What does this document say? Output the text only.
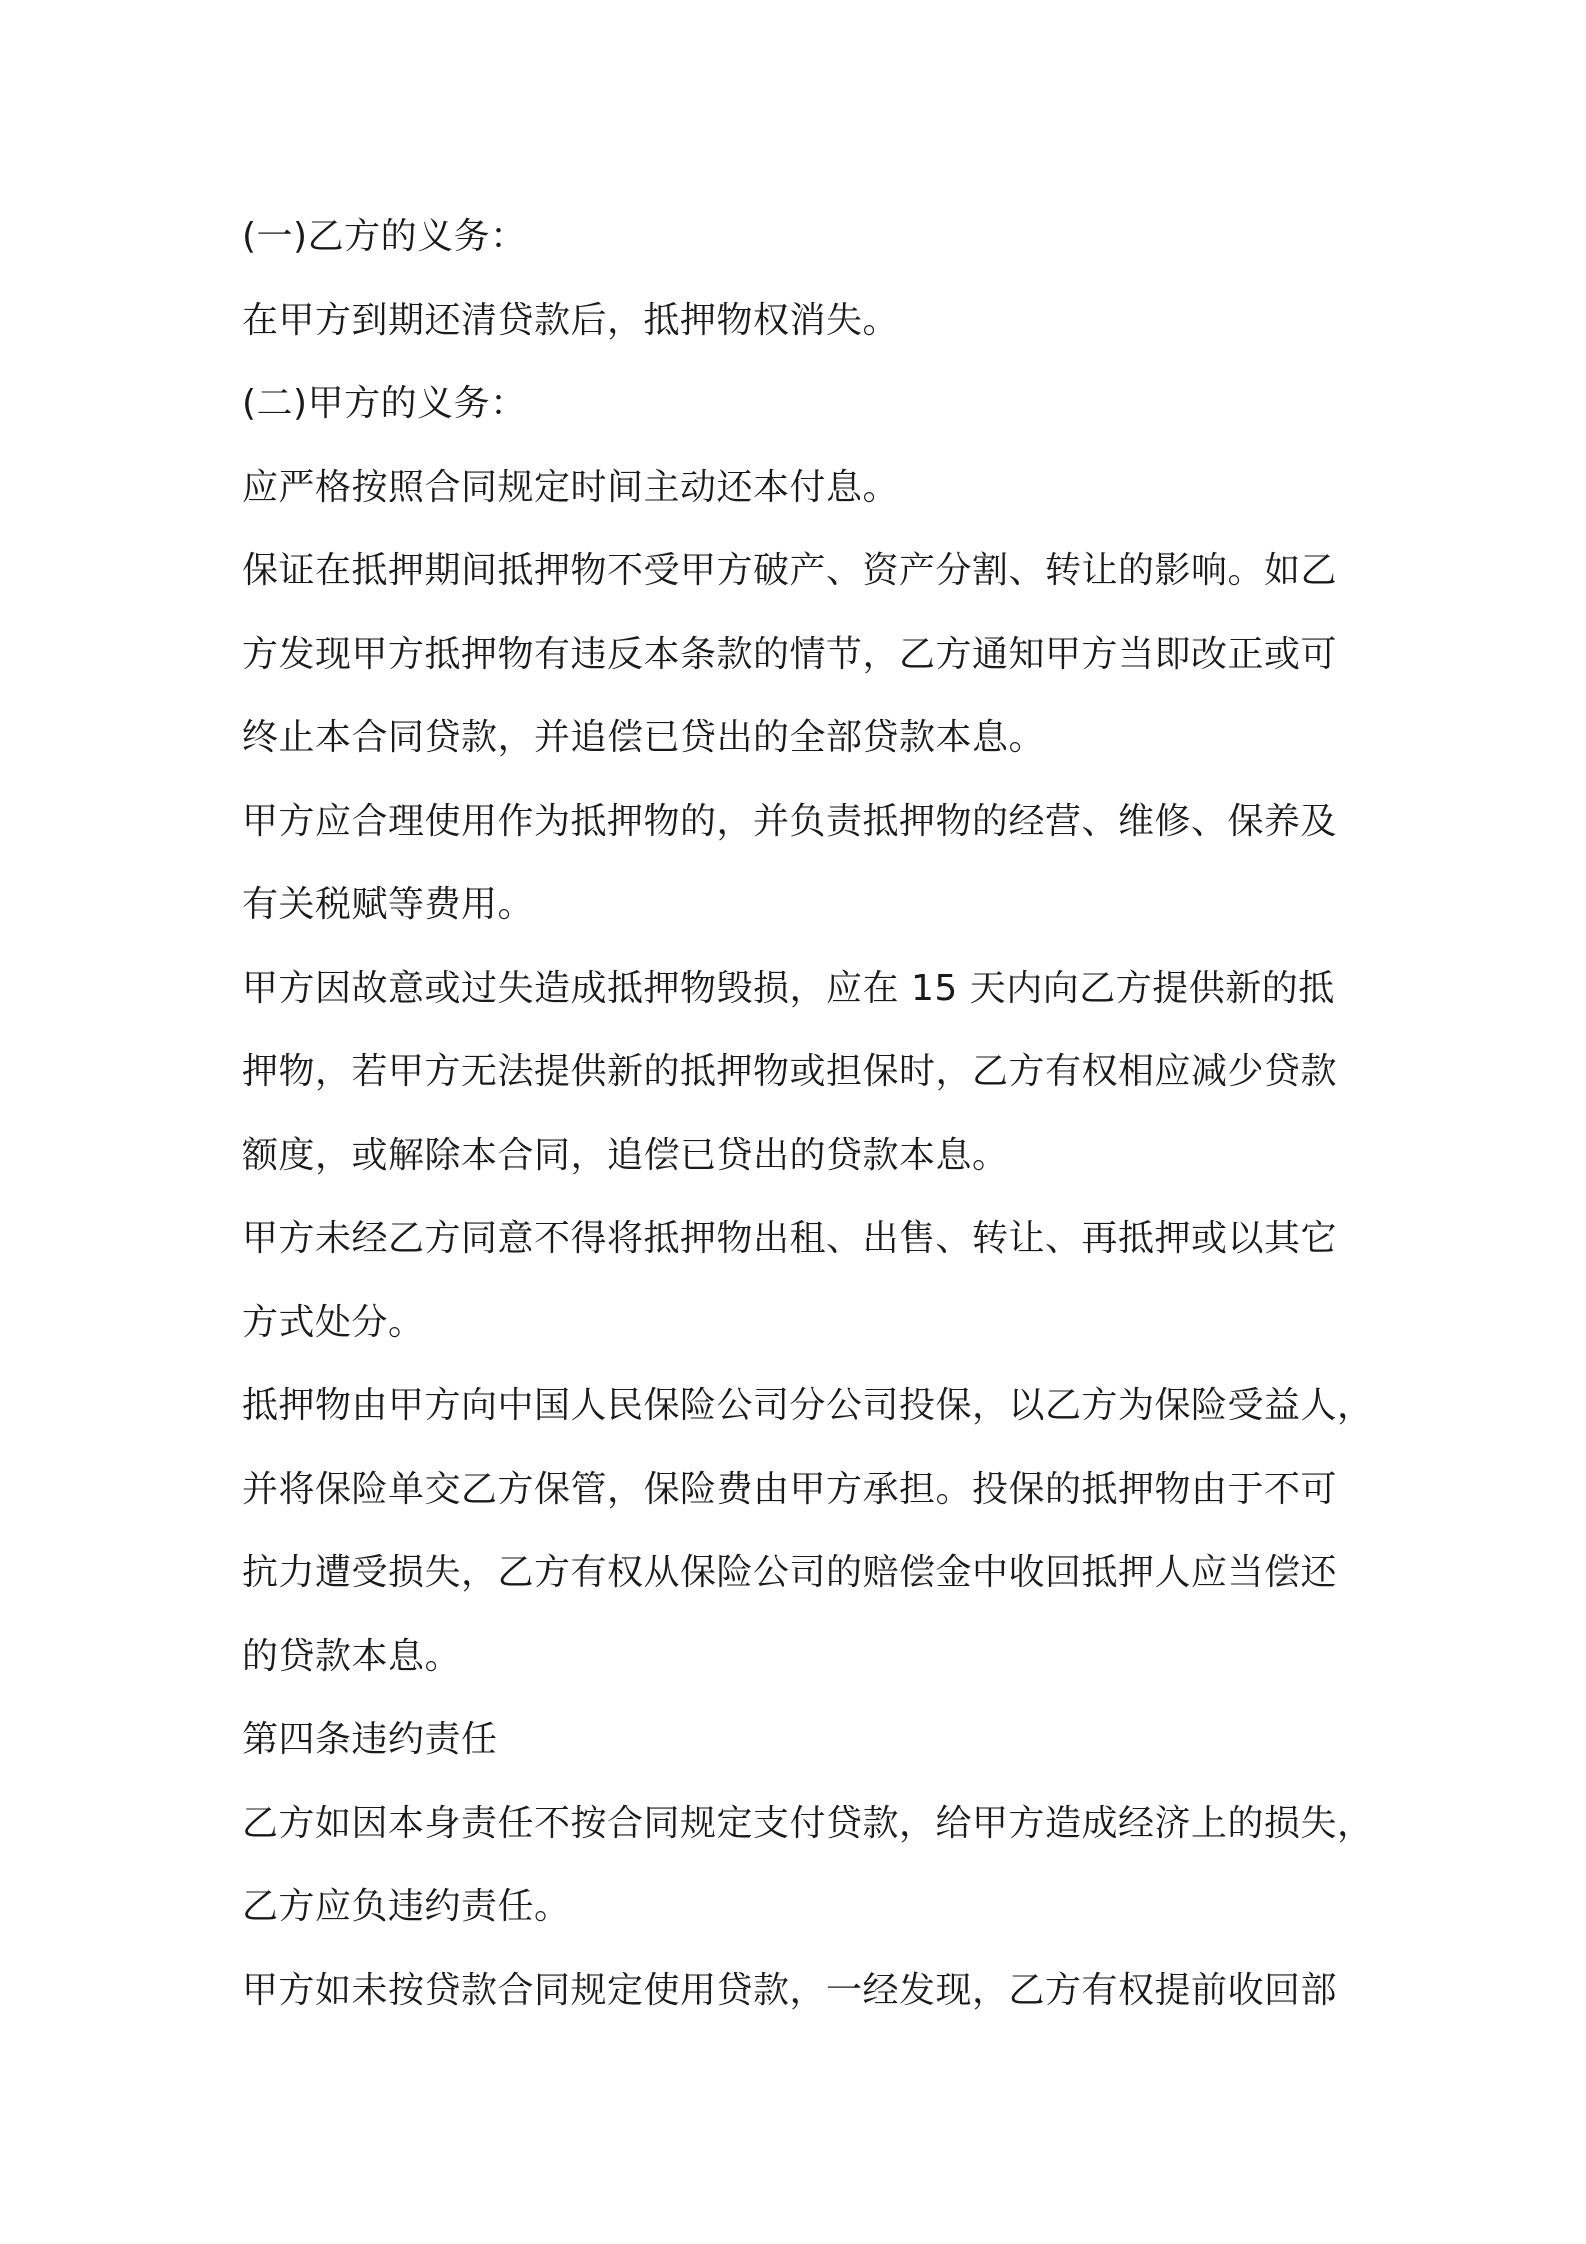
(一)乙方的义务：

在甲方到期还清贷款后，抵押物权消失。

(二)甲方的义务：

应严格按照合同规定时间主动还本付息。

保证在抵押期间抵押物不受甲方破产、资产分割、转让的影响。如乙

方发现甲方抵押物有违反本条款的情节，乙方通知甲方当即改正或可

终止本合同贷款，并追偿已贷出的全部贷款本息。

甲方应合理使用作为抵押物的，并负责抵押物的经营、维修、保养及

有关税赋等费用。

甲方因故意或过失造成抵押物毁损，应在 15 天内向乙方提供新的抵

押物，若甲方无法提供新的抵押物或担保时，乙方有权相应减少贷款

额度，或解除本合同，追偿已贷出的贷款本息。

甲方未经乙方同意不得将抵押物出租、出售、转让、再抵押或以其它

方式处分。

抵押物由甲方向中国人民保险公司分公司投保，以乙方为保险受益人，

并将保险单交乙方保管，保险费由甲方承担。投保的抵押物由于不可

抗力遭受损失，乙方有权从保险公司的赔偿金中收回抵押人应当偿还

的贷款本息。

第四条违约责任

乙方如因本身责任不按合同规定支付贷款，给甲方造成经济上的损失，

乙方应负违约责任。

甲方如未按贷款合同规定使用贷款，一经发现，乙方有权提前收回部
